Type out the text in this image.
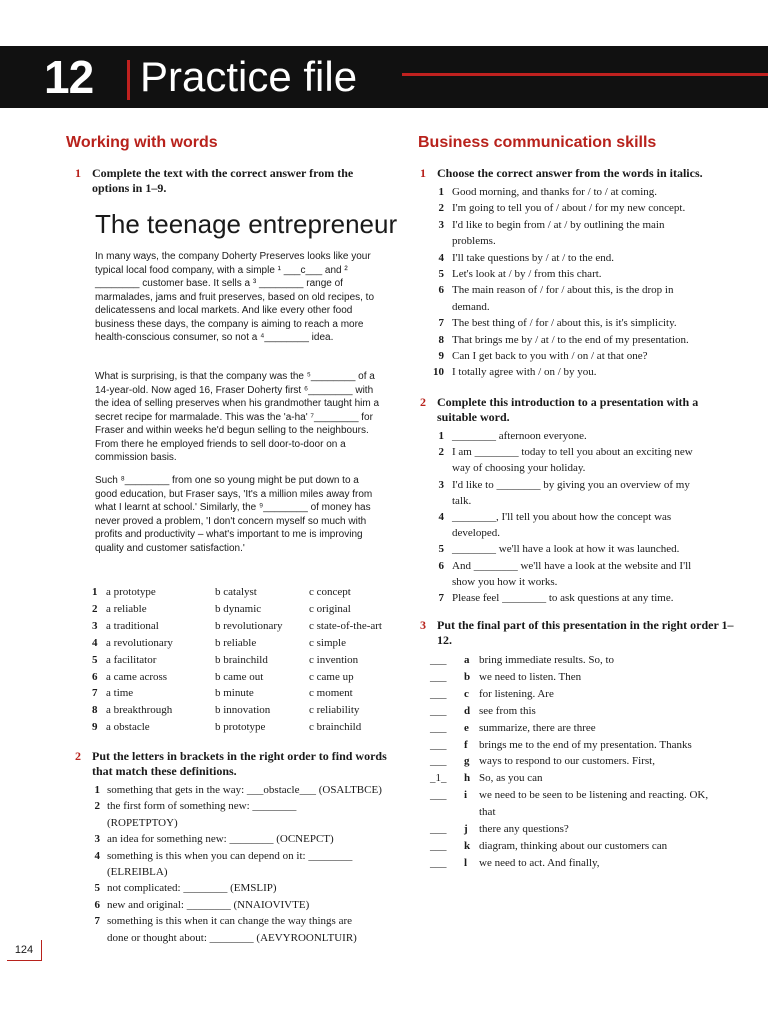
12 Practice file
Working with words
1 Complete the text with the correct answer from the options in 1–9.
The teenage entrepreneur
In many ways, the company Doherty Preserves looks like your typical local food company, with a simple ¹ ___c___ and ² ________ customer base. It sells a ³ ________ range of marmalades, jams and fruit preserves, based on old recipes, to delicatessens and local markets. And like every other food business these days, the company is aiming to reach a more health-conscious consumer, so not a ⁴________ idea.
What is surprising, is that the company was the ⁵________ of a 14-year-old. Now aged 16, Fraser Doherty first ⁶________ with the idea of selling preserves when his grandmother taught him a secret recipe for marmalade. This was the 'a-ha' ⁷________ for Fraser and within weeks he'd begun selling to the neighbours. From there he employed friends to sell door-to-door on a commission basis.
Such ⁸________ from one so young might be put down to a good education, but Fraser says, 'It's a million miles away from what I learnt at school.' Similarly, the ⁹________ of money has never proved a problem, 'I don't concern myself so much with profits and productivity – what's important to me is improving quality and customer satisfaction.'
1 a prototype	b catalyst	c concept
2 a reliable	b dynamic	c original
3 a traditional	b revolutionary c state-of-the-art
4 a revolutionary	b reliable	c simple
5 a facilitator	b brainchild	c invention
6 a came across	b came out	c came up
7 a time	b minute	c moment
8 a breakthrough	b innovation	c reliability
9 a obstacle	b prototype	c brainchild
2 Put the letters in brackets in the right order to find words that match these definitions.
1 something that gets in the way: ___obstacle___ (OSALTBCE)
2 the first form of something new: ________
(ROPETPTOY)
3 an idea for something new: ________ (OCNEPCT)
4 something is this when you can depend on it: ________
(ELREIBLA)
5 not complicated: ________ (EMSLIP)
6 new and original: ________ (NNAIOVIVTE)
7 something is this when it can change the way things are
done or thought about: ________ (AEVYROONLTUIR)
Business communication skills
1 Choose the correct answer from the words in italics.
1 Good morning, and thanks for / to / at coming.
2 I'm going to tell you of / about / for my new concept.
3 I'd like to begin from / at / by outlining the main
problems.
4 I'll take questions by / at / to the end.
5 Let's look at / by / from this chart.
6 The main reason of / for / about this, is the drop in
demand.
7 The best thing of / for / about this, is it's simplicity.
8 That brings me by / at / to the end of my presentation.
9 Can I get back to you with / on / at that one?
10 I totally agree with / on / by you.
2 Complete this introduction to a presentation with a suitable word.
1 ________ afternoon everyone.
2 I am ________ today to tell you about an exciting new
way of choosing your holiday.
3 I'd like to ________ by giving you an overview of my
talk.
4 ________, I'll tell you about how the concept was
developed.
5 ________ we'll have a look at how it was launched.
6 And ________ we'll have a look at the website and I'll
show you how it works.
7 Please feel ________ to ask questions at any time.
3 Put the final part of this presentation in the right order 1–12.
___ a bring immediate results. So, to
___ b we need to listen. Then
___ c for listening. Are
___ d see from this
___ e summarize, there are three
___ f brings me to the end of my presentation. Thanks
___ g ways to respond to our customers. First,
_1_ h So, as you can
___ i we need to be seen to be listening and reacting. OK,
that
___ j there any questions?
___ k diagram, thinking about our customers can
___ l we need to act. And finally,
124
